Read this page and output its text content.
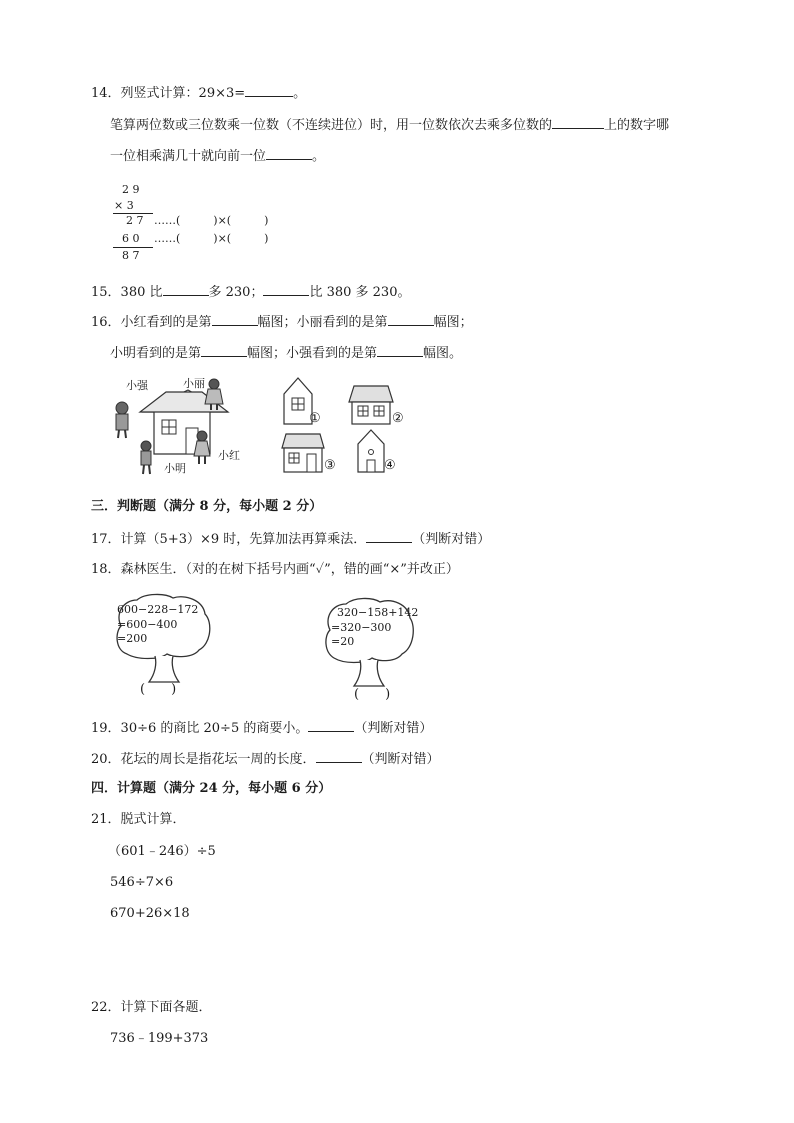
14．列竖式计算：29×3=	。
笔算两位数或三位数乘一位数（不连续进位）时，用一位数依次去乘多位数的	上的数字哪
一位相乘满几十就向前一位	。
2 9
× 3
2 7 ……(　　　)×(　　　)
6 0 ……(　　　)×(　　　)
8 7
15．380 比	多 230；	比 380 多 230。
16．小红看到的是第	幅图；小丽看到的是第	幅图；
小明看到的是第	幅图；小强看到的是第	幅图。
小强	小丽
小明
小红
①	②
③	④
三．判断题（满分 8 分，每小题 2 分）
17．计算（5+3）×9 时，先算加法再算乘法．	（判断对错）
18．森林医生．（对的在树下括号内画“✓”，错的画“×”并改正）
600−228−172
=600−400
=200
(　　)
320−158+142
=320−300
=20
(　　)
19．30÷6 的商比 20÷5 的商要小。	（判断对错）
20．花坛的周长是指花坛一周的长度．	（判断对错）
四．计算题（满分 24 分，每小题 6 分）
21．脱式计算．
（601﹣246）÷5
546÷7×6
670+26×18
22．计算下面各题．
736﹣199+373
